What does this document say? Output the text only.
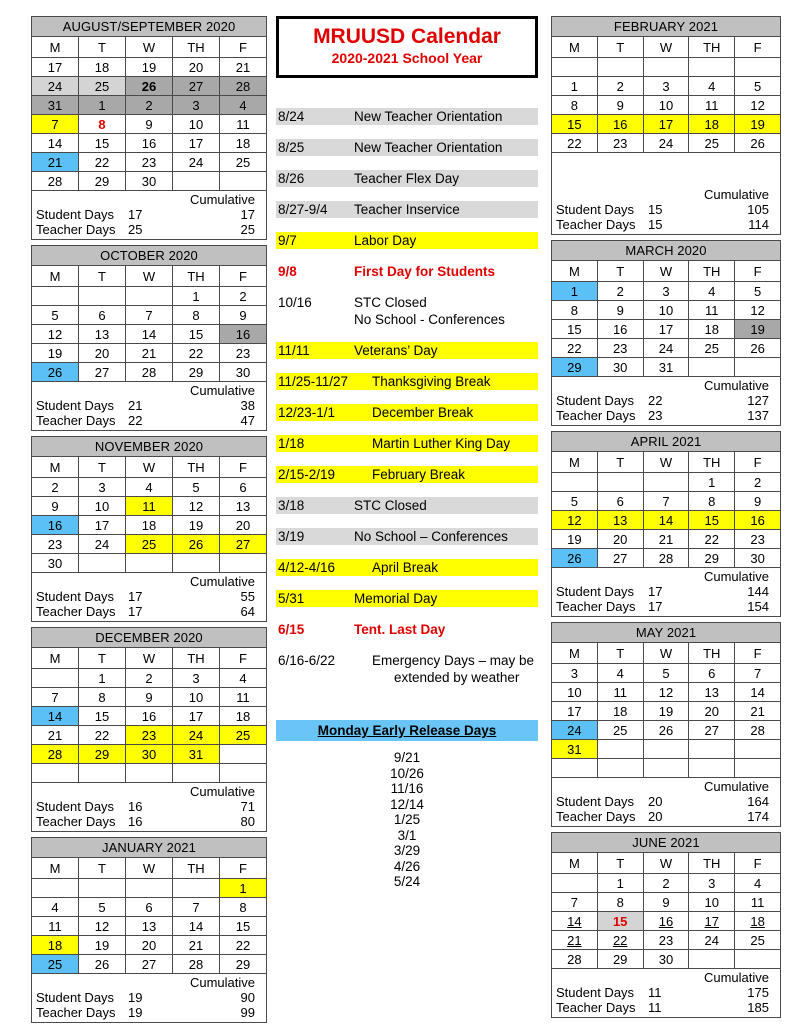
AUGUST/SEPTEMBER 2020				
M	T	W	TH	F
17	18	19	20	21
24	25	26	27	28
31	1	2	3	4
7	8	9	10	11
14	15	16	17	18
21	22	23	24	25
28	29	30		

Cumulative
Student Days	17	17
Teacher Days 25	25
OCTOBER 2020				
M	T	W	TH	F
			1	2
5	6	7	8	9
12	13	14	15	16
19	20	21	22	23
26	27	28	29	30

Cumulative
Student Days	21	38
Teacher Days 22	47
NOVEMBER 2020				
M	T	W	TH	F
2	3	4	5	6
9	10	11	12	13
16	17	18	19	20
23	24	25	26	27
30				

Cumulative
Student Days	17	55
Teacher Days 17	64
DECEMBER 2020				
M	T	W	TH	F
	1	2	3	4
7	8	9	10	11
14	15	16	17	18
21	22	23	24	25
28	29	30	31	

Cumulative
Student Days	16	71
Teacher Days 16	80
JANUARY 2021				
M	T	W	TH	F
				1
4	5	6	7	8
11	12	13	14	15
18	19	20	21	22
25	26	27	28	29

Cumulative
Student Days	19	90
Teacher Days 19	99
MRUUSD Calendar
2020-2021 School Year
8/24	New Teacher Orientation
8/25	New Teacher Orientation
8/26	Teacher Flex Day
8/27-9/4	Teacher Inservice
9/7	Labor Day
9/8	First Day for Students
10/16	STC Closed
No School - Conferences
11/11	Veterans’ Day
11/25-11/27	Thanksgiving Break
12/23-1/1	December Break
1/18	Martin Luther King Day
2/15-2/19	February Break
3/18	STC Closed
3/19	No School – Conferences
4/12-4/16	April Break
5/31	Memorial Day
6/15	Tent. Last Day
6/16-6/22	Emergency Days – may be
extended by weather
Monday Early Release Days
9/21
10/26
11/16
12/14
1/25
3/1
3/29
4/26
5/24
FEBRUARY 2021				
M	T	W	TH	F

1	2	3	4	5
8	9	10	11	12
15	16	17	18	19
22	23	24	25	26

Cumulative
Student Days	15	105
Teacher Days 15	114
MARCH 2020				
M	T	W	TH	F
1	2	3	4	5
8	9	10	11	12
15	16	17	18	19
22	23	24	25	26
29	30	31		

Cumulative
Student Days	22	127
Teacher Days 23	137
APRIL 2021				
M	T	W	TH	F
			1	2
5	6	7	8	9
12	13	14	15	16
19	20	21	22	23
26	27	28	29	30

Cumulative
Student Days	17	144
Teacher Days 17	154
MAY 2021				
M	T	W	TH	F
3	4	5	6	7
10	11	12	13	14
17	18	19	20	21
24	25	26	27	28
31				

Cumulative
Student Days	20	164
Teacher Days 20	174
JUNE 2021				
M	T	W	TH	F
	1	2	3	4
7	8	9	10	11
14	15	16	17	18
21	22	23	24	25
28	29	30		

Cumulative
Student Days	11	175
Teacher Days 11	185
